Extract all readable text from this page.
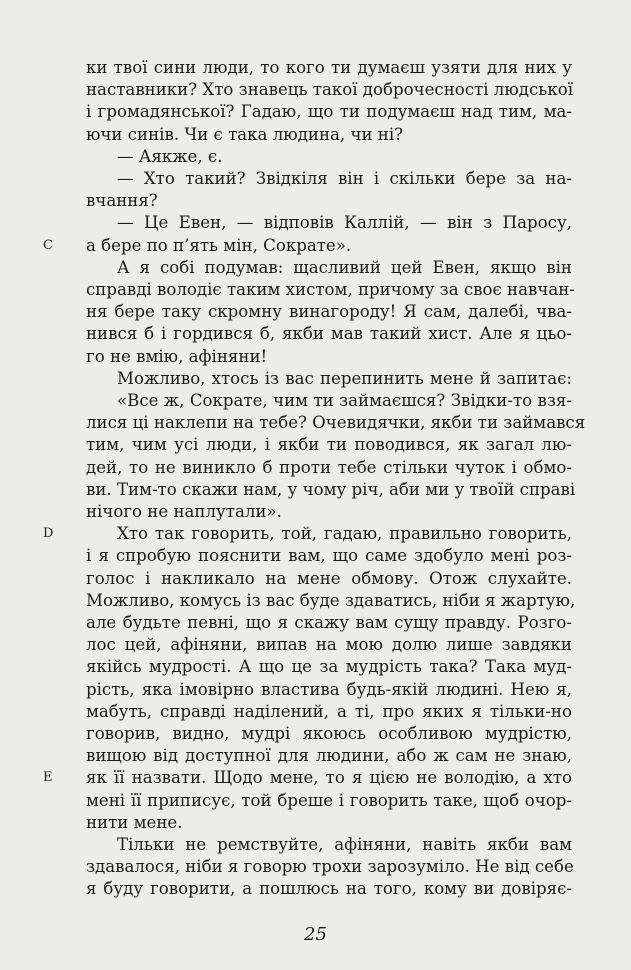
25
ки твої сини люди, то кого ти думаєш узяти для них у
наставники? Хто знавець такої доброчесності людської
і громадянської? Гадаю, що ти подумаєш над тим, ма-
ючи синів. Чи є така людина, чи ні?
— Аякже, є.
— Хто такий? Звідкіля він і скільки бере за на-
вчання?
— Це Евен, — відповів Каллій, — він з Паросу,
а бере по п’ять мін, Сократе».
C
А я собі подумав: щасливий цей Евен, якщо він
справді володіє таким хистом, причому за своє навчан-
ня бере таку скромну винагороду! Я сам, далебі, чва-
нився б і гордився б, якби мав такий хист. Але я цьо-
го не вмію, афіняни!
Можливо, хтось із вас перепинить мене й запитає:
«Все ж, Сократе, чим ти займаєшся? Звідки-то взя-
лися ці наклепи на тебе? Очевидячки, якби ти займався
тим, чим усі люди, і якби ти поводився, як загал лю-
дей, то не виникло б проти тебе стільки чуток і обмо-
ви. Тим-то скажи нам, у чому річ, аби ми у твоїй справі
нічого не наплутали».
Хто так говорить, той, гадаю, правильно говорить,
D
і я спробую пояснити вам, що саме здобуло мені роз-
голос і накликало на мене обмову. Отож слухайте.
Можливо, комусь із вас буде здаватись, ніби я жартую,
але будьте певні, що я скажу вам сущу правду. Розго-
лос цей, афіняни, випав на мою долю лише завдяки
якійсь мудрості. А що це за мудрість така? Така муд-
рість, яка імовірно властива будь-якій людині. Нею я,
мабуть, справді наділений, а ті, про яких я тільки-но
говорив, видно, мудрі якоюсь особливою мудрістю,
вищою від доступної для людини, або ж сам не знаю,
як її назвати. Щодо мене, то я цією не володію, а хто
E
мені її приписує, той бреше і говорить таке, щоб очор-
нити мене.
Тільки не ремствуйте, афіняни, навіть якби вам
здавалося, ніби я говорю трохи зарозуміло. Не від себе
я буду говорити, а пошлюсь на того, кому ви довіряє-
